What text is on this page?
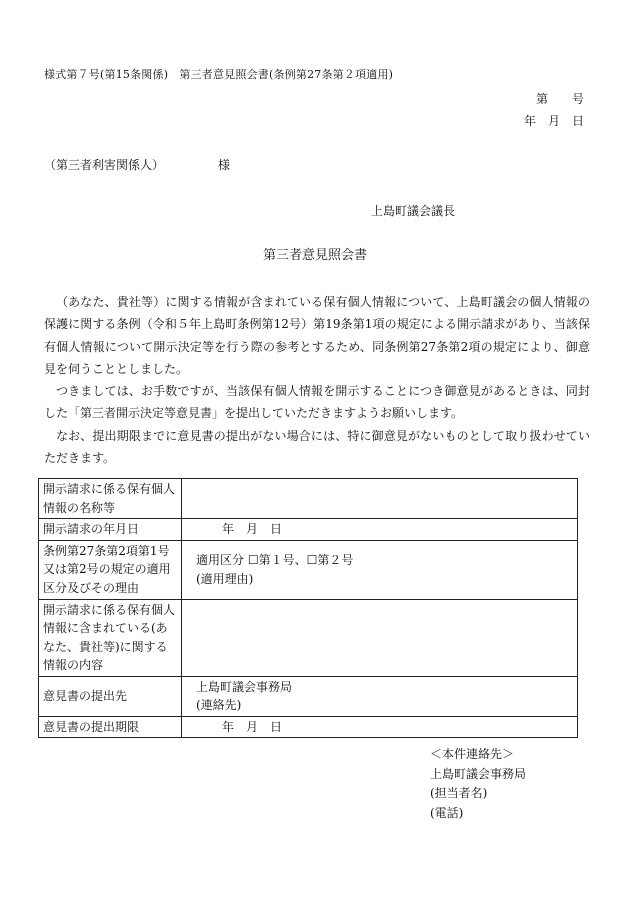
様式第７号(第15条関係)　第三者意見照会書(条例第27条第２項適用)
第　　号
年　月　日
（第三者利害関係人）　　　　　様
上島町議会議長
第三者意見照会書

（あなた、貴社等）に関する情報が含まれている保有個人情報について、上島町議会の個人情報の保護に関する条例（令和５年上島町条例第12号）第19条第1項の規定による開示請求があり、当該保有個人情報について開示決定等を行う際の参考とするため、同条例第27条第2項の規定により、御意見を伺うこととしました。

つきましては、お手数ですが、当該保有個人情報を開示することにつき御意見があるときは、同封した「第三者開示決定等意見書」を提出していただきますようお願いします。

なお、提出期限までに意見書の提出がない場合には、特に御意見がないものとして取り扱わせていただきます。

開示請求に係る保有個人情報の名称等	
開示請求の年月日	年　月　日
条例第27条第2項第1号又は第2号の規定の適用区分及びその理由	適用区分 ☐第１号、☐第２号
(適用理由)
開示請求に係る保有個人情報に含まれている(あなた、貴社等)に関する情報の内容	
意見書の提出先	上島町議会事務局
(連絡先)
意見書の提出期限	年　月　日
＜本件連絡先＞
上島町議会事務局
(担当者名)
(電話)
